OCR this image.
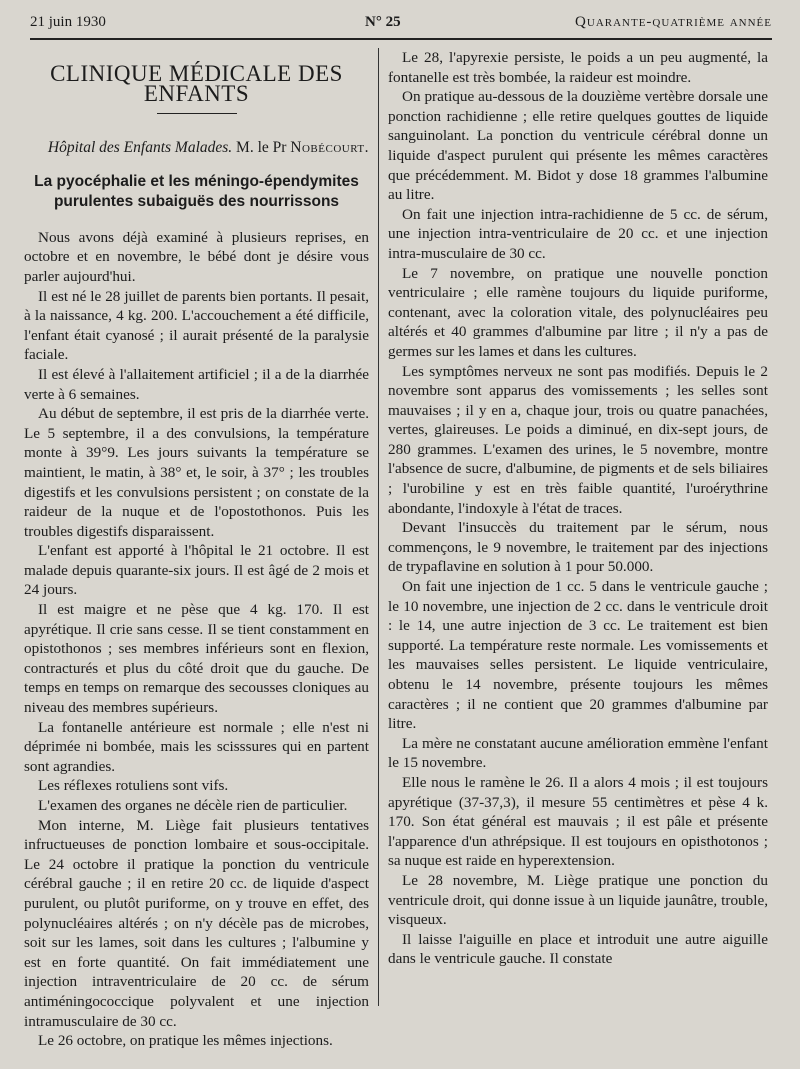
21 juin 1930	N° 25	Quarante-quatrième année
CLINIQUE MÉDICALE DES ENFANTS
Hôpital des Enfants Malades. M. le Pr Nobécourt.
La pyocéphalie et les méningo-épendymites purulentes subaiguës des nourrissons

Nous avons déjà examiné à plusieurs reprises, en octobre et en novembre, le bébé dont je désire vous parler aujourd'hui.

Il est né le 28 juillet de parents bien portants. Il pesait, à la naissance, 4 kg. 200. L'accouchement a été difficile, l'enfant était cyanosé ; il aurait présenté de la paralysie faciale.

Il est élevé à l'allaitement artificiel ; il a de la diarrhée verte à 6 semaines.

Au début de septembre, il est pris de la diarrhée verte. Le 5 septembre, il a des convulsions, la température monte à 39°9. Les jours suivants la température se maintient, le matin, à 38° et, le soir, à 37° ; les troubles digestifs et les convulsions persistent ; on constate de la raideur de la nuque et de l'opostothonos. Puis les troubles digestifs disparaissent.

L'enfant est apporté à l'hôpital le 21 octobre. Il est malade depuis quarante-six jours. Il est âgé de 2 mois et 24 jours.

Il est maigre et ne pèse que 4 kg. 170. Il est apyrétique. Il crie sans cesse. Il se tient constamment en opistothonos ; ses membres inférieurs sont en flexion, contracturés et plus du côté droit que du gauche. De temps en temps on remarque des secousses cloniques au niveau des membres supérieurs.

La fontanelle antérieure est normale ; elle n'est ni déprimée ni bombée, mais les scisssures qui en partent sont agrandies.

Les réflexes rotuliens sont vifs.

L'examen des organes ne décèle rien de particulier.

Mon interne, M. Liège fait plusieurs tentatives infructueuses de ponction lombaire et sous-occipitale. Le 24 octobre il pratique la ponction du ventricule cérébral gauche ; il en retire 20 cc. de liquide d'aspect purulent, ou plutôt puriforme, on y trouve en effet, des polynucléaires altérés ; on n'y décèle pas de microbes, soit sur les lames, soit dans les cultures ; l'albumine y est en forte quantité. On fait immédiatement une injection intraventriculaire de 20 cc. de sérum antiméningococcique polyvalent et une injection intramusculaire de 30 cc.

Le 26 octobre, on pratique les mêmes injections.

Le 28, l'apyrexie persiste, le poids a un peu augmenté, la fontanelle est très bombée, la raideur est moindre.

On pratique au-dessous de la douzième vertèbre dorsale une ponction rachidienne ; elle retire quelques gouttes de liquide sanguinolant. La ponction du ventricule cérébral donne un liquide d'aspect purulent qui présente les mêmes caractères que précédemment. M. Bidot y dose 18 grammes l'albumine au litre.

On fait une injection intra-rachidienne de 5 cc. de sérum, une injection intra-ventriculaire de 20 cc. et une injection intra-musculaire de 30 cc.

Le 7 novembre, on pratique une nouvelle ponction ventriculaire ; elle ramène toujours du liquide puriforme, contenant, avec la coloration vitale, des polynucléaires peu altérés et 40 grammes d'albumine par litre ; il n'y a pas de germes sur les lames et dans les cultures.

Les symptômes nerveux ne sont pas modifiés. Depuis le 2 novembre sont apparus des vomissements ; les selles sont mauvaises ; il y en a, chaque jour, trois ou quatre panachées, vertes, glaireuses. Le poids a diminué, en dix-sept jours, de 280 grammes. L'examen des urines, le 5 novembre, montre l'absence de sucre, d'albumine, de pigments et de sels biliaires ; l'urobiline y est en très faible quantité, l'uroérythrine abondante, l'indoxyle à l'état de traces.

Devant l'insuccès du traitement par le sérum, nous commençons, le 9 novembre, le traitement par des injections de trypaflavine en solution à 1 pour 50.000.

On fait une injection de 1 cc. 5 dans le ventricule gauche ; le 10 novembre, une injection de 2 cc. dans le ventricule droit : le 14, une autre injection de 3 cc. Le traitement est bien supporté. La température reste normale. Les vomissements et les mauvaises selles persistent. Le liquide ventriculaire, obtenu le 14 novembre, présente toujours les mêmes caractères ; il ne contient que 20 grammes d'albumine par litre.

La mère ne constatant aucune amélioration emmène l'enfant le 15 novembre.

Elle nous le ramène le 26. Il a alors 4 mois ; il est toujours apyrétique (37-37,3), il mesure 55 centimètres et pèse 4 k. 170. Son état général est mauvais ; il est pâle et présente l'apparence d'un athrépsique. Il est toujours en opisthotonos ; sa nuque est raide en hyperextension.

Le 28 novembre, M. Liège pratique une ponction du ventricule droit, qui donne issue à un liquide jaunâtre, trouble, visqueux.

Il laisse l'aiguille en place et introduit une autre aiguille dans le ventricule gauche. Il constate
